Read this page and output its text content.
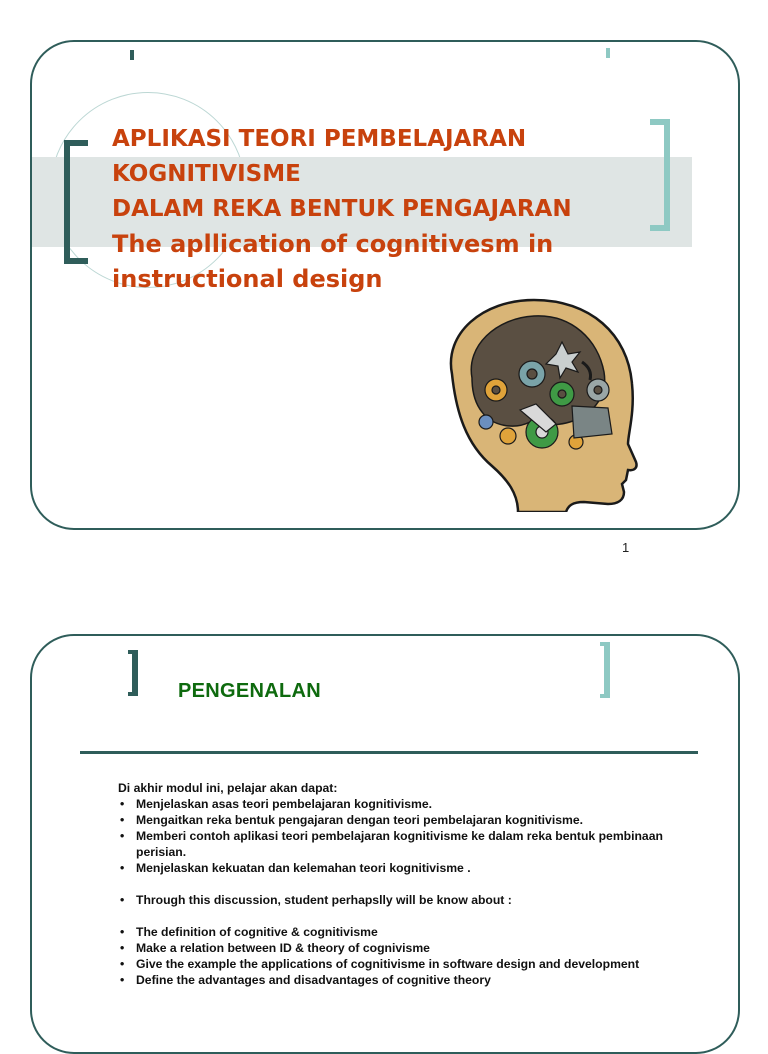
APLIKASI TEORI PEMBELAJARAN
KOGNITIVISME
DALAM REKA BENTUK PENGAJARAN
The apllication of cognitivesm in
instructional design
1
PENGENALAN
Di akhir modul ini, pelajar akan dapat:
• Menjelaskan asas teori pembelajaran kognitivisme.
• Mengaitkan reka bentuk pengajaran dengan teori pembelajaran kognitivisme.
• Memberi contoh aplikasi teori pembelajaran kognitivisme ke dalam reka bentuk pembinaan perisian.
• Menjelaskan kekuatan dan kelemahan teori kognitivisme .
• Through this discussion, student perhapslly will be know about :
• The definition of cognitive & cognitivisme
• Make a relation between ID & theory of cognivisme
• Give the example the applications of cognitivisme in software design and development
• Define the advantages and disadvantages of cognitive theory
